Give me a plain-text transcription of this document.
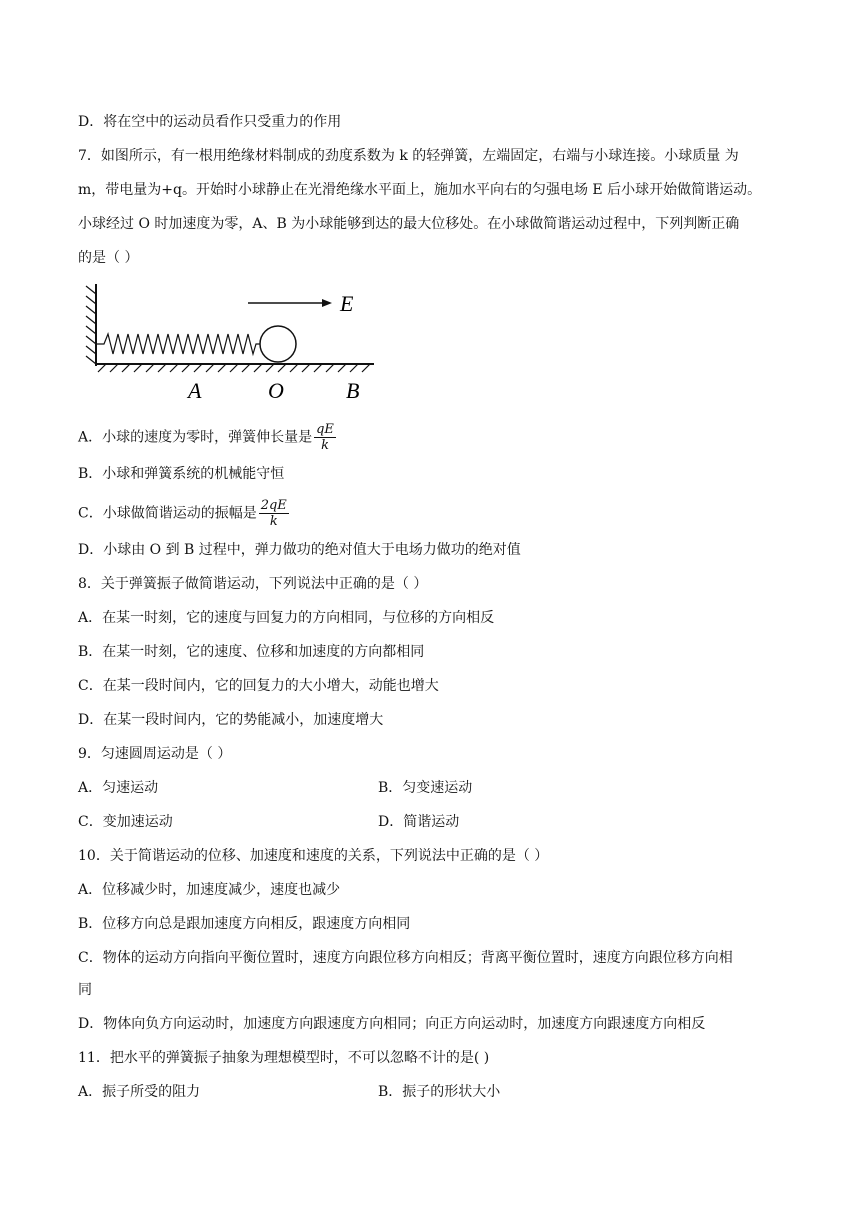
D．将在空中的运动员看作只受重力的作用
7．如图所示，有一根用绝缘材料制成的劲度系数为 k 的轻弹簧，左端固定，右端与小球连接。小球质量 为
m，带电量为+q。开始时小球静止在光滑绝缘水平面上，施加水平向右的匀强电场 E 后小球开始做简谐运动。
小球经过 O 时加速度为零，A、B 为小球能够到达的最大位移处。在小球做简谐运动过程中，下列判断正确
的是（ ）
E
A	O	B
A．小球的速度为零时，弹簧伸长量是 $\frac{qE}{k}$
B．小球和弹簧系统的机械能守恒
C．小球做简谐运动的振幅是 $\frac{2qE}{k}$
D．小球由 O 到 B 过程中，弹力做功的绝对值大于电场力做功的绝对值
8．关于弹簧振子做简谐运动，下列说法中正确的是（ ）
A．在某一时刻，它的速度与回复力的方向相同，与位移的方向相反
B．在某一时刻，它的速度、位移和加速度的方向都相同
C．在某一段时间内，它的回复力的大小增大，动能也增大
D．在某一段时间内，它的势能减小，加速度增大
9．匀速圆周运动是（ ）
A．匀速运动	B．匀变速运动
C．变加速运动	D．简谐运动
10．关于简谐运动的位移、加速度和速度的关系，下列说法中正确的是（ ）
A．位移减少时，加速度减少，速度也减少
B．位移方向总是跟加速度方向相反，跟速度方向相同
C．物体的运动方向指向平衡位置时，速度方向跟位移方向相反；背离平衡位置时，速度方向跟位移方向相
同
D．物体向负方向运动时，加速度方向跟速度方向相同；向正方向运动时，加速度方向跟速度方向相反
11．把水平的弹簧振子抽象为理想模型时，不可以忽略不计的是( )
A．振子所受的阻力	B．振子的形状大小
